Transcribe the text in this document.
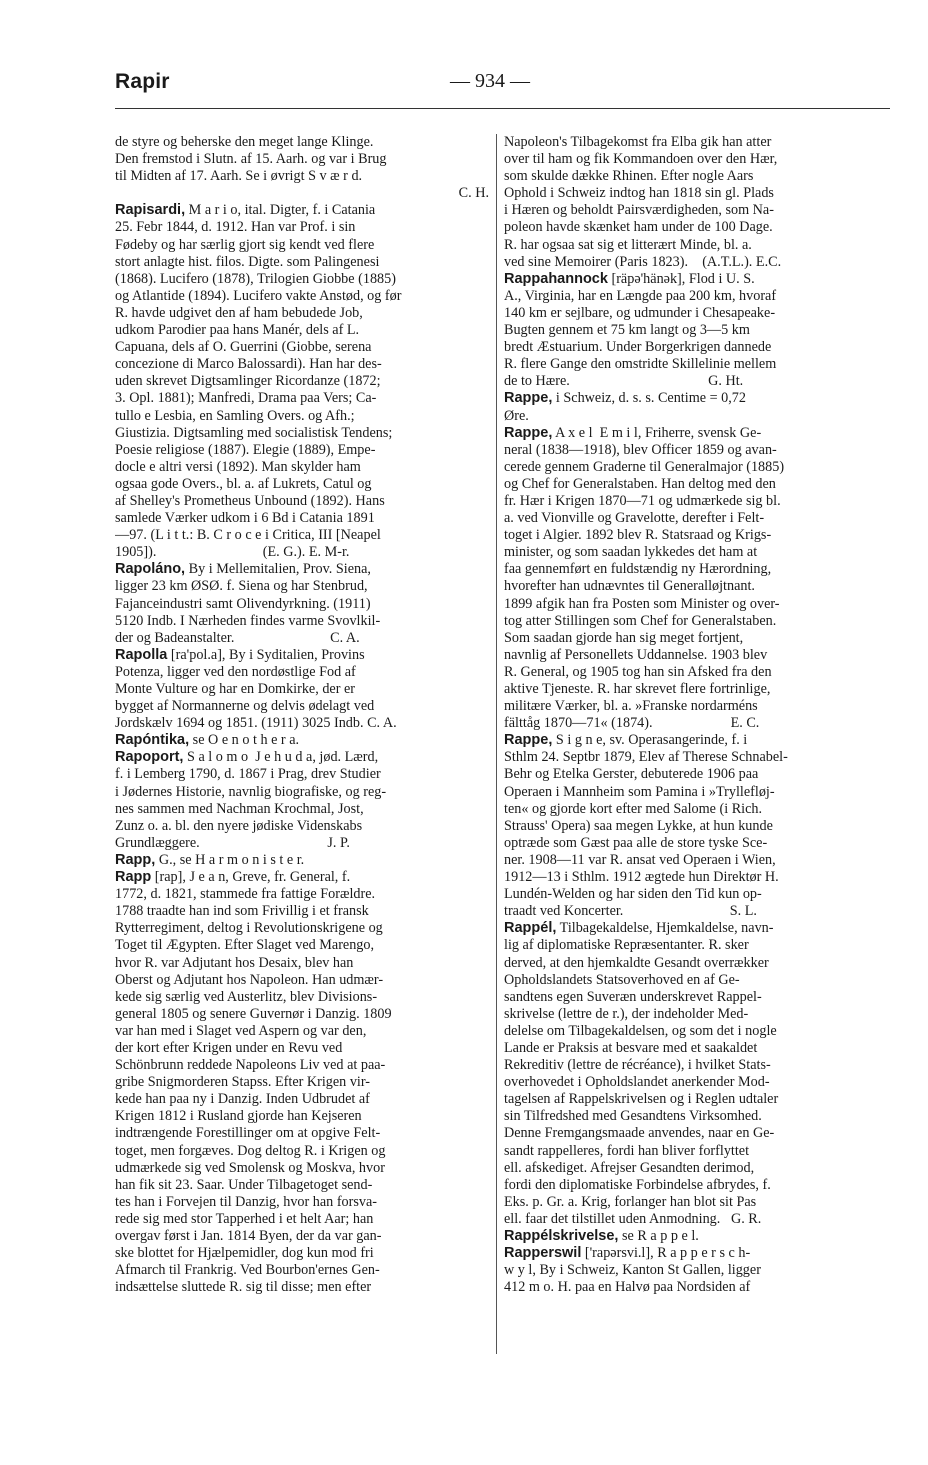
Rapir	— 934 —
de styre og beherske den meget lange Klinge.
Den fremstod i Slutn. af 15. Aarh. og var i Brug
til Midten af 17. Aarh. Se i øvrigt S v æ r d.
C. H.
Rapisardi, M a r i o, ital. Digter, f. i Catania
25. Febr 1844, d. 1912. Han var Prof. i sin
Fødeby og har særlig gjort sig kendt ved flere
stort anlagte hist. filos. Digte. som Palingenesi
(1868). Lucifero (1878), Trilogien Giobbe (1885)
og Atlantide (1894). Lucifero vakte Anstød, og før
R. havde udgivet den af ham bebudede Job,
udkom Parodier paa hans Manér, dels af L.
Capuana, dels af O. Guerrini (Giobbe, serena
concezione di Marco Balossardi). Han har des-
uden skrevet Digtsamlinger Ricordanze (1872;
3. Opl. 1881); Manfredi, Drama paa Vers; Ca-
tullo e Lesbia, en Samling Overs. og Afh.;
Giustizia. Digtsamling med socialistisk Tendens;
Poesie religiose (1887). Elegie (1889), Empe-
docle e altri versi (1892). Man skylder ham
ogsaa gode Overs., bl. a. af Lukrets, Catul og
af Shelley's Prometheus Unbound (1892). Hans
samlede Værker udkom i 6 Bd i Catania 1891
—97. (L i t t.: B. C r o c e i Critica, III [Neapel
1905]).                              (E. G.). E. M-r.
Rapoláno, By i Mellemitalien, Prov. Siena,
ligger 23 km ØSØ. f. Siena og har Stenbrud,
Fajanceindustri samt Olivendyrkning. (1911)
5120 Indb. I Nærheden findes varme Svovlkil-
der og Badeanstalter.                           C. A.
Rapolla [ra'pol.a], By i Syditalien, Provins
Potenza, ligger ved den nordøstlige Fod af
Monte Vulture og har en Domkirke, der er
bygget af Normannerne og delvis ødelagt ved
Jordskælv 1694 og 1851. (1911) 3025 Indb. C. A.
Rapóntika, se O e n o t h e r a.
Rapoport, S a l o m o  J e h u d a, jød. Lærd,
f. i Lemberg 1790, d. 1867 i Prag, drev Studier
i Jødernes Historie, navnlig biografiske, og reg-
nes sammen med Nachman Krochmal, Jost,
Zunz o. a. bl. den nyere jødiske Videnskabs
Grundlæggere.                                    J. P.
Rapp, G., se H a r m o n i s t e r.
Rapp [rap], J e a n, Greve, fr. General, f.
1772, d. 1821, stammede fra fattige Forældre.
1788 traadte han ind som Frivillig i et fransk
Rytterregiment, deltog i Revolutionskrigene og
Toget til Ægypten. Efter Slaget ved Marengo,
hvor R. var Adjutant hos Desaix, blev han
Oberst og Adjutant hos Napoleon. Han udmær-
kede sig særlig ved Austerlitz, blev Divisions-
general 1805 og senere Guvernør i Danzig. 1809
var han med i Slaget ved Aspern og var den,
der kort efter Krigen under en Revu ved
Schönbrunn reddede Napoleons Liv ved at paa-
gribe Snigmorderen Stapss. Efter Krigen vir-
kede han paa ny i Danzig. Inden Udbrudet af
Krigen 1812 i Rusland gjorde han Kejseren
indtrængende Forestillinger om at opgive Felt-
toget, men forgæves. Dog deltog R. i Krigen og
udmærkede sig ved Smolensk og Moskva, hvor
han fik sit 23. Saar. Under Tilbagetoget send-
tes han i Forvejen til Danzig, hvor han forsva-
rede sig med stor Tapperhed i et helt Aar; han
overgav først i Jan. 1814 Byen, der da var gan-
ske blottet for Hjælpemidler, dog kun mod fri
Afmarch til Frankrig. Ved Bourbon'ernes Gen-
indsættelse sluttede R. sig til disse; men efter
Napoleon's Tilbagekomst fra Elba gik han atter
over til ham og fik Kommandoen over den Hær,
som skulde dække Rhinen. Efter nogle Aars
Ophold i Schweiz indtog han 1818 sin gl. Plads
i Hæren og beholdt Pairsværdigheden, som Na-
poleon havde skænket ham under de 100 Dage.
R. har ogsaa sat sig et litterært Minde, bl. a.
ved sine Memoirer (Paris 1823).    (A.T.L.). E.C.
Rappahannock [räpə'hänək], Flod i U. S.
A., Virginia, har en Længde paa 200 km, hvoraf
140 km er sejlbare, og udmunder i Chesapeake-
Bugten gennem et 75 km langt og 3—5 km
bredt Æstuarium. Under Borgerkrigen dannede
R. flere Gange den omstridte Skillelinie mellem
de to Hære.                                       G. Ht.
Rappe, i Schweiz, d. s. s. Centime = 0,72
Øre.
Rappe, A x e l  E m i l, Friherre, svensk Ge-
neral (1838—1918), blev Officer 1859 og avan-
cerede gennem Graderne til Generalmajor (1885)
og Chef for Generalstaben. Han deltog med den
fr. Hær i Krigen 1870—71 og udmærkede sig bl.
a. ved Vionville og Gravelotte, derefter i Felt-
toget i Algier. 1892 blev R. Statsraad og Krigs-
minister, og som saadan lykkedes det ham at
faa gennemført en fuldstændig ny Hærordning,
hvorefter han udnævntes til Generalløjtnant.
1899 afgik han fra Posten som Minister og over-
tog atter Stillingen som Chef for Generalstaben.
Som saadan gjorde han sig meget fortjent,
navnlig af Personellets Uddannelse. 1903 blev
R. General, og 1905 tog han sin Afsked fra den
aktive Tjeneste. R. har skrevet flere fortrinlige,
militære Værker, bl. a. »Franske nordarméns
fälttåg 1870—71« (1874).                      E. C.
Rappe, S i g n e, sv. Operasangerinde, f. i
Sthlm 24. Septbr 1879, Elev af Therese Schnabel-
Behr og Etelka Gerster, debuterede 1906 paa
Operaen i Mannheim som Pamina i »Tryllefløj-
ten« og gjorde kort efter med Salome (i Rich.
Strauss' Opera) saa megen Lykke, at hun kunde
optræde som Gæst paa alle de store tyske Sce-
ner. 1908—11 var R. ansat ved Operaen i Wien,
1912—13 i Sthlm. 1912 ægtede hun Direktør H.
Lundén-Welden og har siden den Tid kun op-
traadt ved Koncerter.                              S. L.
Rappél, Tilbagekaldelse, Hjemkaldelse, navn-
lig af diplomatiske Repræsentanter. R. sker
derved, at den hjemkaldte Gesandt overrækker
Opholdslandets Statsoverhoved en af Ge-
sandtens egen Suveræn underskrevet Rappel-
skrivelse (lettre de r.), der indeholder Med-
delelse om Tilbagekaldelsen, og som det i nogle
Lande er Praksis at besvare med et saakaldet
Rekreditiv (lettre de récréance), i hvilket Stats-
overhovedet i Opholdslandet anerkender Mod-
tagelsen af Rappelskrivelsen og i Reglen udtaler
sin Tilfredshed med Gesandtens Virksomhed.
Denne Fremgangsmaade anvendes, naar en Ge-
sandt rappelleres, fordi han bliver forflyttet
ell. afskediget. Afrejser Gesandten derimod,
fordi den diplomatiske Forbindelse afbrydes, f.
Eks. p. Gr. a. Krig, forlanger han blot sit Pas
ell. faar det tilstillet uden Anmodning.   G. R.
Rappélskrivelse, se R a p p e l.
Rapperswil ['rapərsvi.l], R a p p e r s c h-
w y l, By i Schweiz, Kanton St Gallen, ligger
412 m o. H. paa en Halvø paa Nordsiden af
